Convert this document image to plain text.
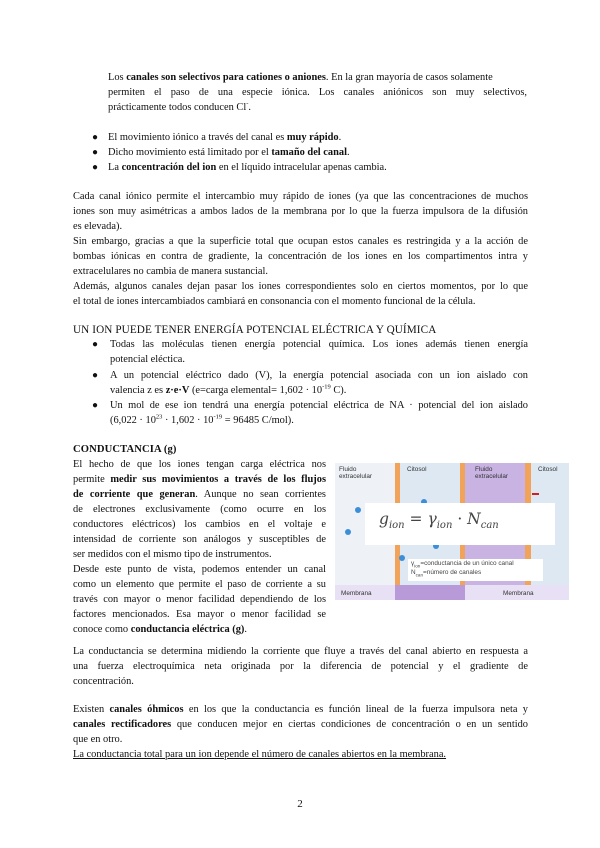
Los canales son selectivos para cationes o aniones. En la gran mayoría de casos solamente

permiten el paso de una especie iónica. Los canales aniónicos son muy selectivos,

prácticamente todos conducen Cl-.

● El movimiento iónico a través del canal es muy rápido.

● Dicho movimiento está limitado por el tamaño del canal.

● La concentración del ion en el líquido intracelular apenas cambia.

Cada canal iónico permite el intercambio muy rápido de iones (ya que las concentraciones de muchos

iones son muy asimétricas a ambos lados de la membrana por lo que la fuerza impulsora de la difusión

es elevada).

Sin embargo, gracias a que la superficie total que ocupan estos canales es restringida y a la acción de

bombas iónicas en contra de gradiente, la concentración de los iones en los compartimentos intra y

extracelulares no cambia de manera sustancial.

Además, algunos canales dejan pasar los iones correspondientes solo en ciertos momentos, por lo que

el total de iones intercambiados cambiará en consonancia con el momento funcional de la célula.

UN ION PUEDE TENER ENERGÍA POTENCIAL ELÉCTRICA Y QUÍMICA

● Todas las moléculas tienen energía potencial química. Los iones además tienen energía

potencial eléctica.

● A un potencial eléctrico dado (V), la energía potencial asociada con un ion aislado con

valencia z es z·e·V (e=carga elemental= $1,602 \cdot 10^{-19}$ C).

● Un mol de ese ion tendrá una energía potencial eléctrica de NA · potencial del ion aislado

($6,022 \cdot 10^{23} \cdot 1,602 \cdot 10^{-19} = 96485$ C/mol).

CONDUCTANCIA (g)

El hecho de que los iones tengan carga eléctrica nos

permite medir sus movimientos a través de los flujos

de corriente que generan. Aunque no sean corrientes

de electrones exclusivamente (como ocurre en los

conductores eléctricos) los cambios en el voltaje e

intensidad de corriente son análogos y susceptibles de

ser medidos con el mismo tipo de instrumentos.

Desde este punto de vista, podemos entender un canal

como un elemento que permite el paso de corriente a su

través con mayor o menor facilidad dependiendo de los

factores mencionados. Esa mayor o menor facilidad se

conoce como conductancia eléctrica (g).

Fluido extracelular
Citosol	Fluido extracelular
Citosol
Membrana	Membrana
$g_{ion} = \gamma_{ion} \cdot N_{can}$
$\gamma_{ion}=conductancia$ de un único canal
$N_{can}=número$ de canales

La conductancia se determina midiendo la corriente que fluye a través del canal abierto en respuesta a

una fuerza electroquímica neta originada por la diferencia de potencial y el gradiente de

concentración.

Existen canales óhmicos en los que la conductancia es función lineal de la fuerza impulsora neta y

canales rectificadores que conducen mejor en ciertas condiciones de concentración o en un sentido

que en otro.

La conductancia total para un ion depende el número de canales abiertos en la membrana.

2
